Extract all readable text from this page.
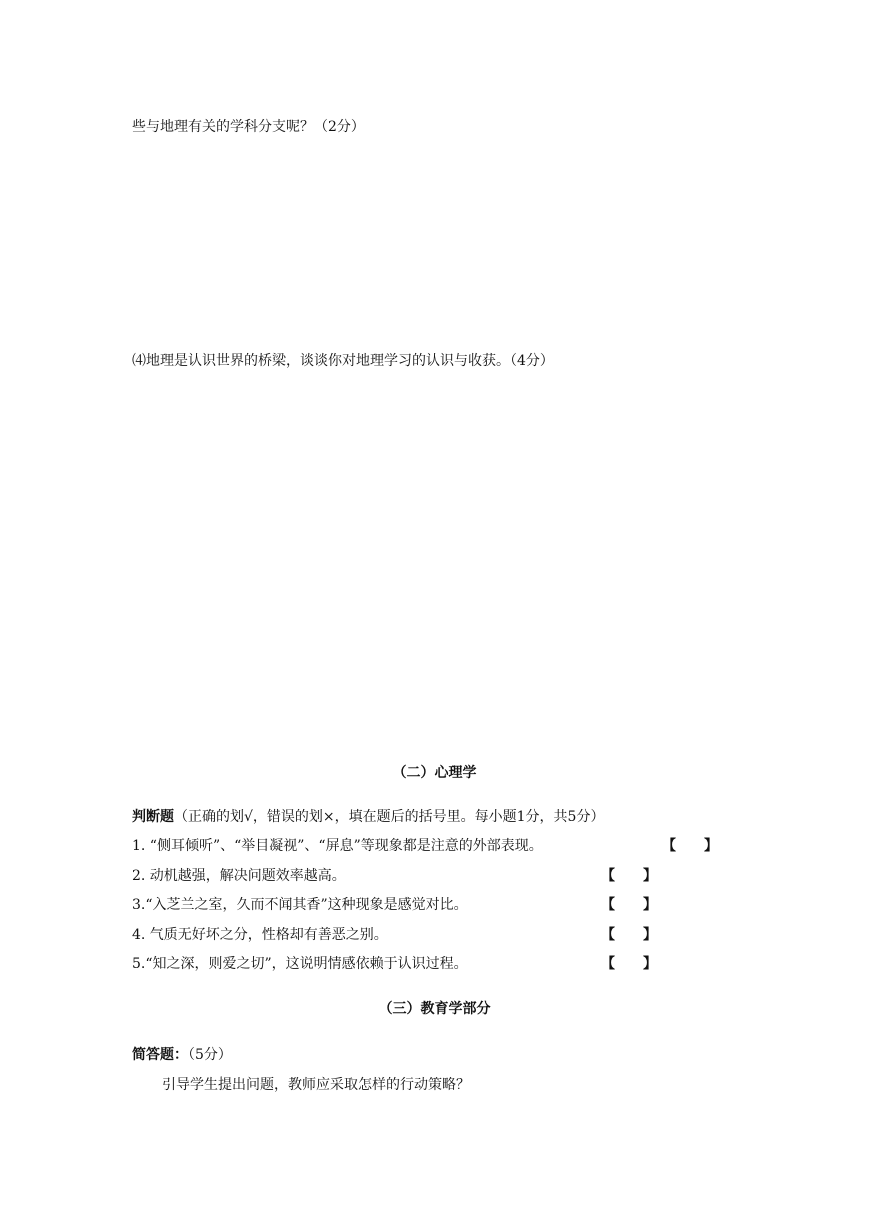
些与地理有关的学科分支呢？（2分）
⑷地理是认识世界的桥梁，谈谈你对地理学习的认识与收获。（4分）
（二）心理学
判断题（正确的划√，错误的划×，填在题后的括号里。每小题1分，共5分）
1. “侧耳倾听”、“举目凝视”、“屏息”等现象都是注意的外部表现。	【　　】
2. 动机越强，解决问题效率越高。	【　　】
3.“入芝兰之室，久而不闻其香”这种现象是感觉对比。	【　　】
4. 气质无好坏之分，性格却有善恶之别。	【　　】
5.“知之深，则爱之切”，这说明情感依赖于认识过程。	【　　】
（三）教育学部分
简答题：（5分）
引导学生提出问题，教师应采取怎样的行动策略？
